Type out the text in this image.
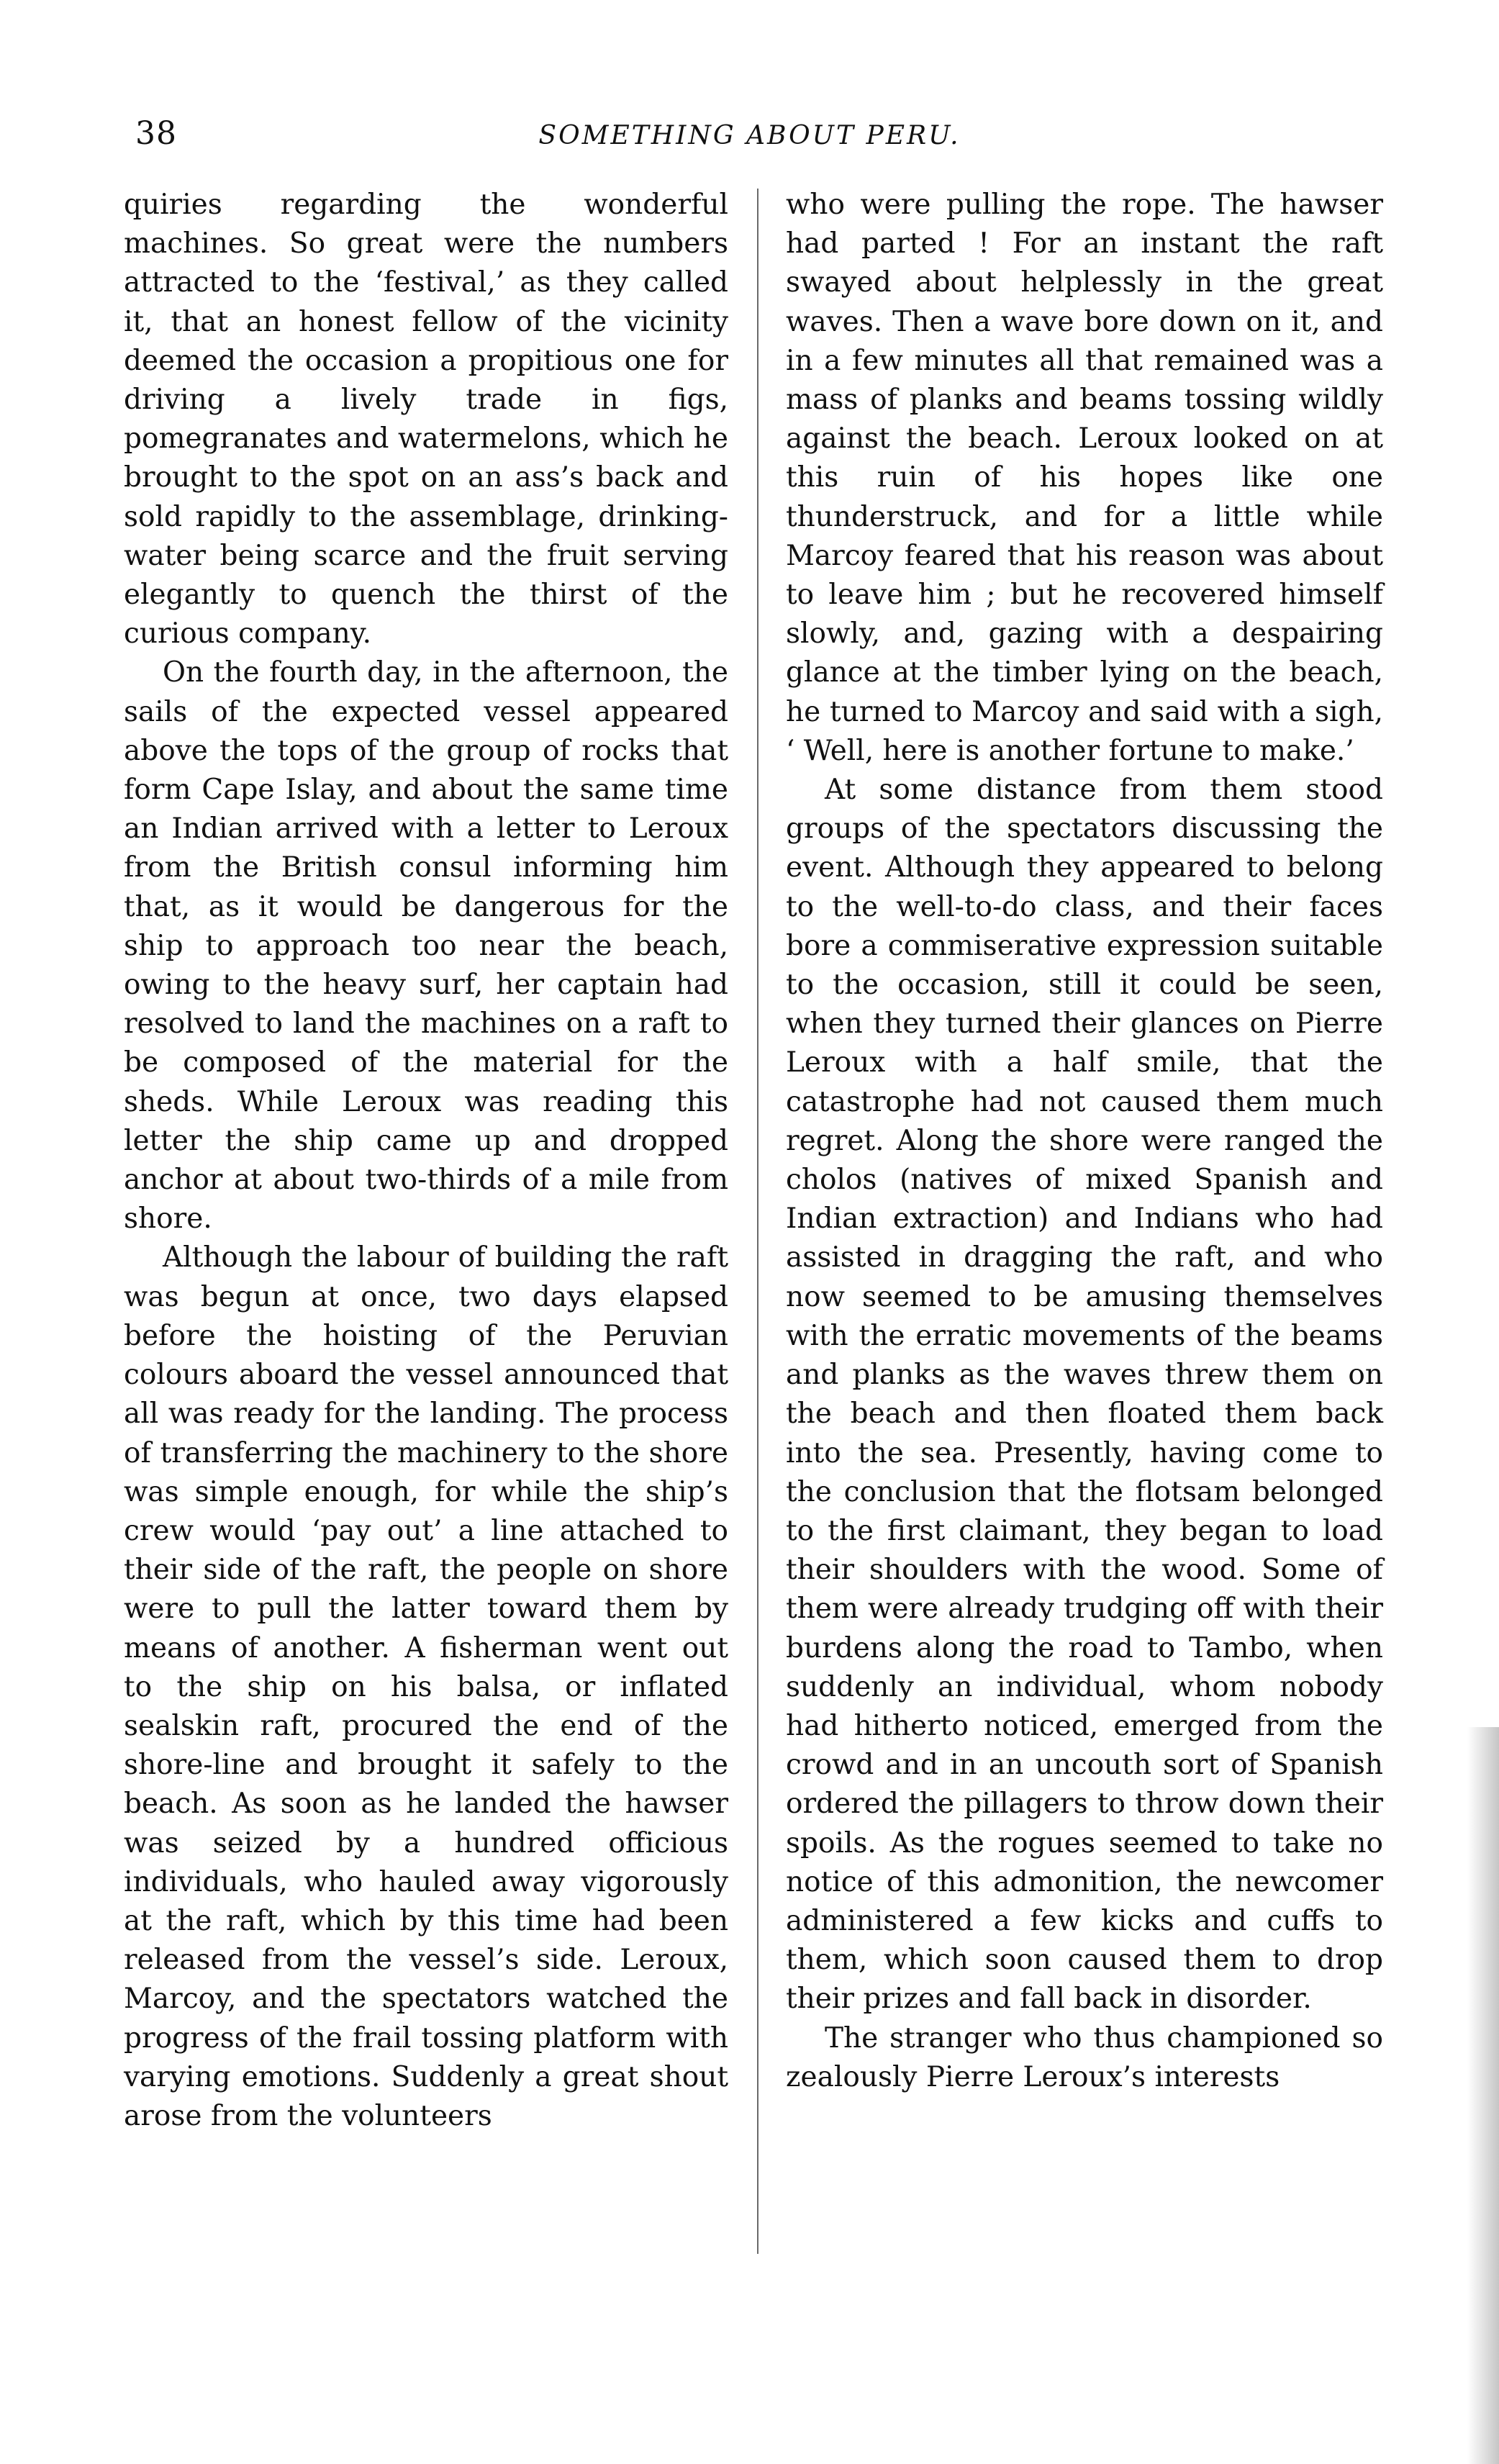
38	SOMETHING ABOUT PERU.

quiries regarding the wonderful machines. So great were the numbers attracted to the ‘festival,’ as they called it, that an honest fellow of the vicinity deemed the occasion a propitious one for driving a lively trade in figs, pomegranates and watermelons, which he brought to the spot on an ass’s back and sold rapidly to the assemblage, drinking-water being scarce and the fruit serving elegantly to quench the thirst of the curious company.

On the fourth day, in the afternoon, the sails of the expected vessel appeared above the tops of the group of rocks that form Cape Islay, and about the same time an Indian arrived with a letter to Leroux from the British consul informing him that, as it would be dangerous for the ship to approach too near the beach, owing to the heavy surf, her captain had resolved to land the machines on a raft to be composed of the material for the sheds. While Leroux was reading this letter the ship came up and dropped anchor at about two-thirds of a mile from shore.

Although the labour of building the raft was begun at once, two days elapsed before the hoisting of the Peruvian colours aboard the vessel announced that all was ready for the landing. The process of transferring the machinery to the shore was simple enough, for while the ship’s crew would ‘pay out’ a line attached to their side of the raft, the people on shore were to pull the latter toward them by means of another. A fisherman went out to the ship on his balsa, or inflated sealskin raft, procured the end of the shore-line and brought it safely to the beach. As soon as he landed the hawser was seized by a hundred officious individuals, who hauled away vigorously at the raft, which by this time had been released from the vessel’s side. Leroux, Marcoy, and the spectators watched the progress of the frail tossing platform with varying emotions. Suddenly a great shout arose from the volunteers

who were pulling the rope. The hawser had parted ! For an instant the raft swayed about helplessly in the great waves. Then a wave bore down on it, and in a few minutes all that remained was a mass of planks and beams tossing wildly against the beach. Leroux looked on at this ruin of his hopes like one thunderstruck, and for a little while Marcoy feared that his reason was about to leave him ; but he recovered himself slowly, and, gazing with a despairing glance at the timber lying on the beach, he turned to Marcoy and said with a sigh, ‘ Well, here is another fortune to make.’

At some distance from them stood groups of the spectators discussing the event. Although they appeared to belong to the well-to-do class, and their faces bore a commiserative expression suitable to the occasion, still it could be seen, when they turned their glances on Pierre Leroux with a half smile, that the catastrophe had not caused them much regret. Along the shore were ranged the cholos (natives of mixed Spanish and Indian extraction) and Indians who had assisted in dragging the raft, and who now seemed to be amusing themselves with the erratic movements of the beams and planks as the waves threw them on the beach and then floated them back into the sea. Presently, having come to the conclusion that the flotsam belonged to the first claimant, they began to load their shoulders with the wood. Some of them were already trudging off with their burdens along the road to Tambo, when suddenly an individual, whom nobody had hitherto noticed, emerged from the crowd and in an uncouth sort of Spanish ordered the pillagers to throw down their spoils. As the rogues seemed to take no notice of this admonition, the newcomer administered a few kicks and cuffs to them, which soon caused them to drop their prizes and fall back in disorder.

The stranger who thus championed so zealously Pierre Leroux’s interests
